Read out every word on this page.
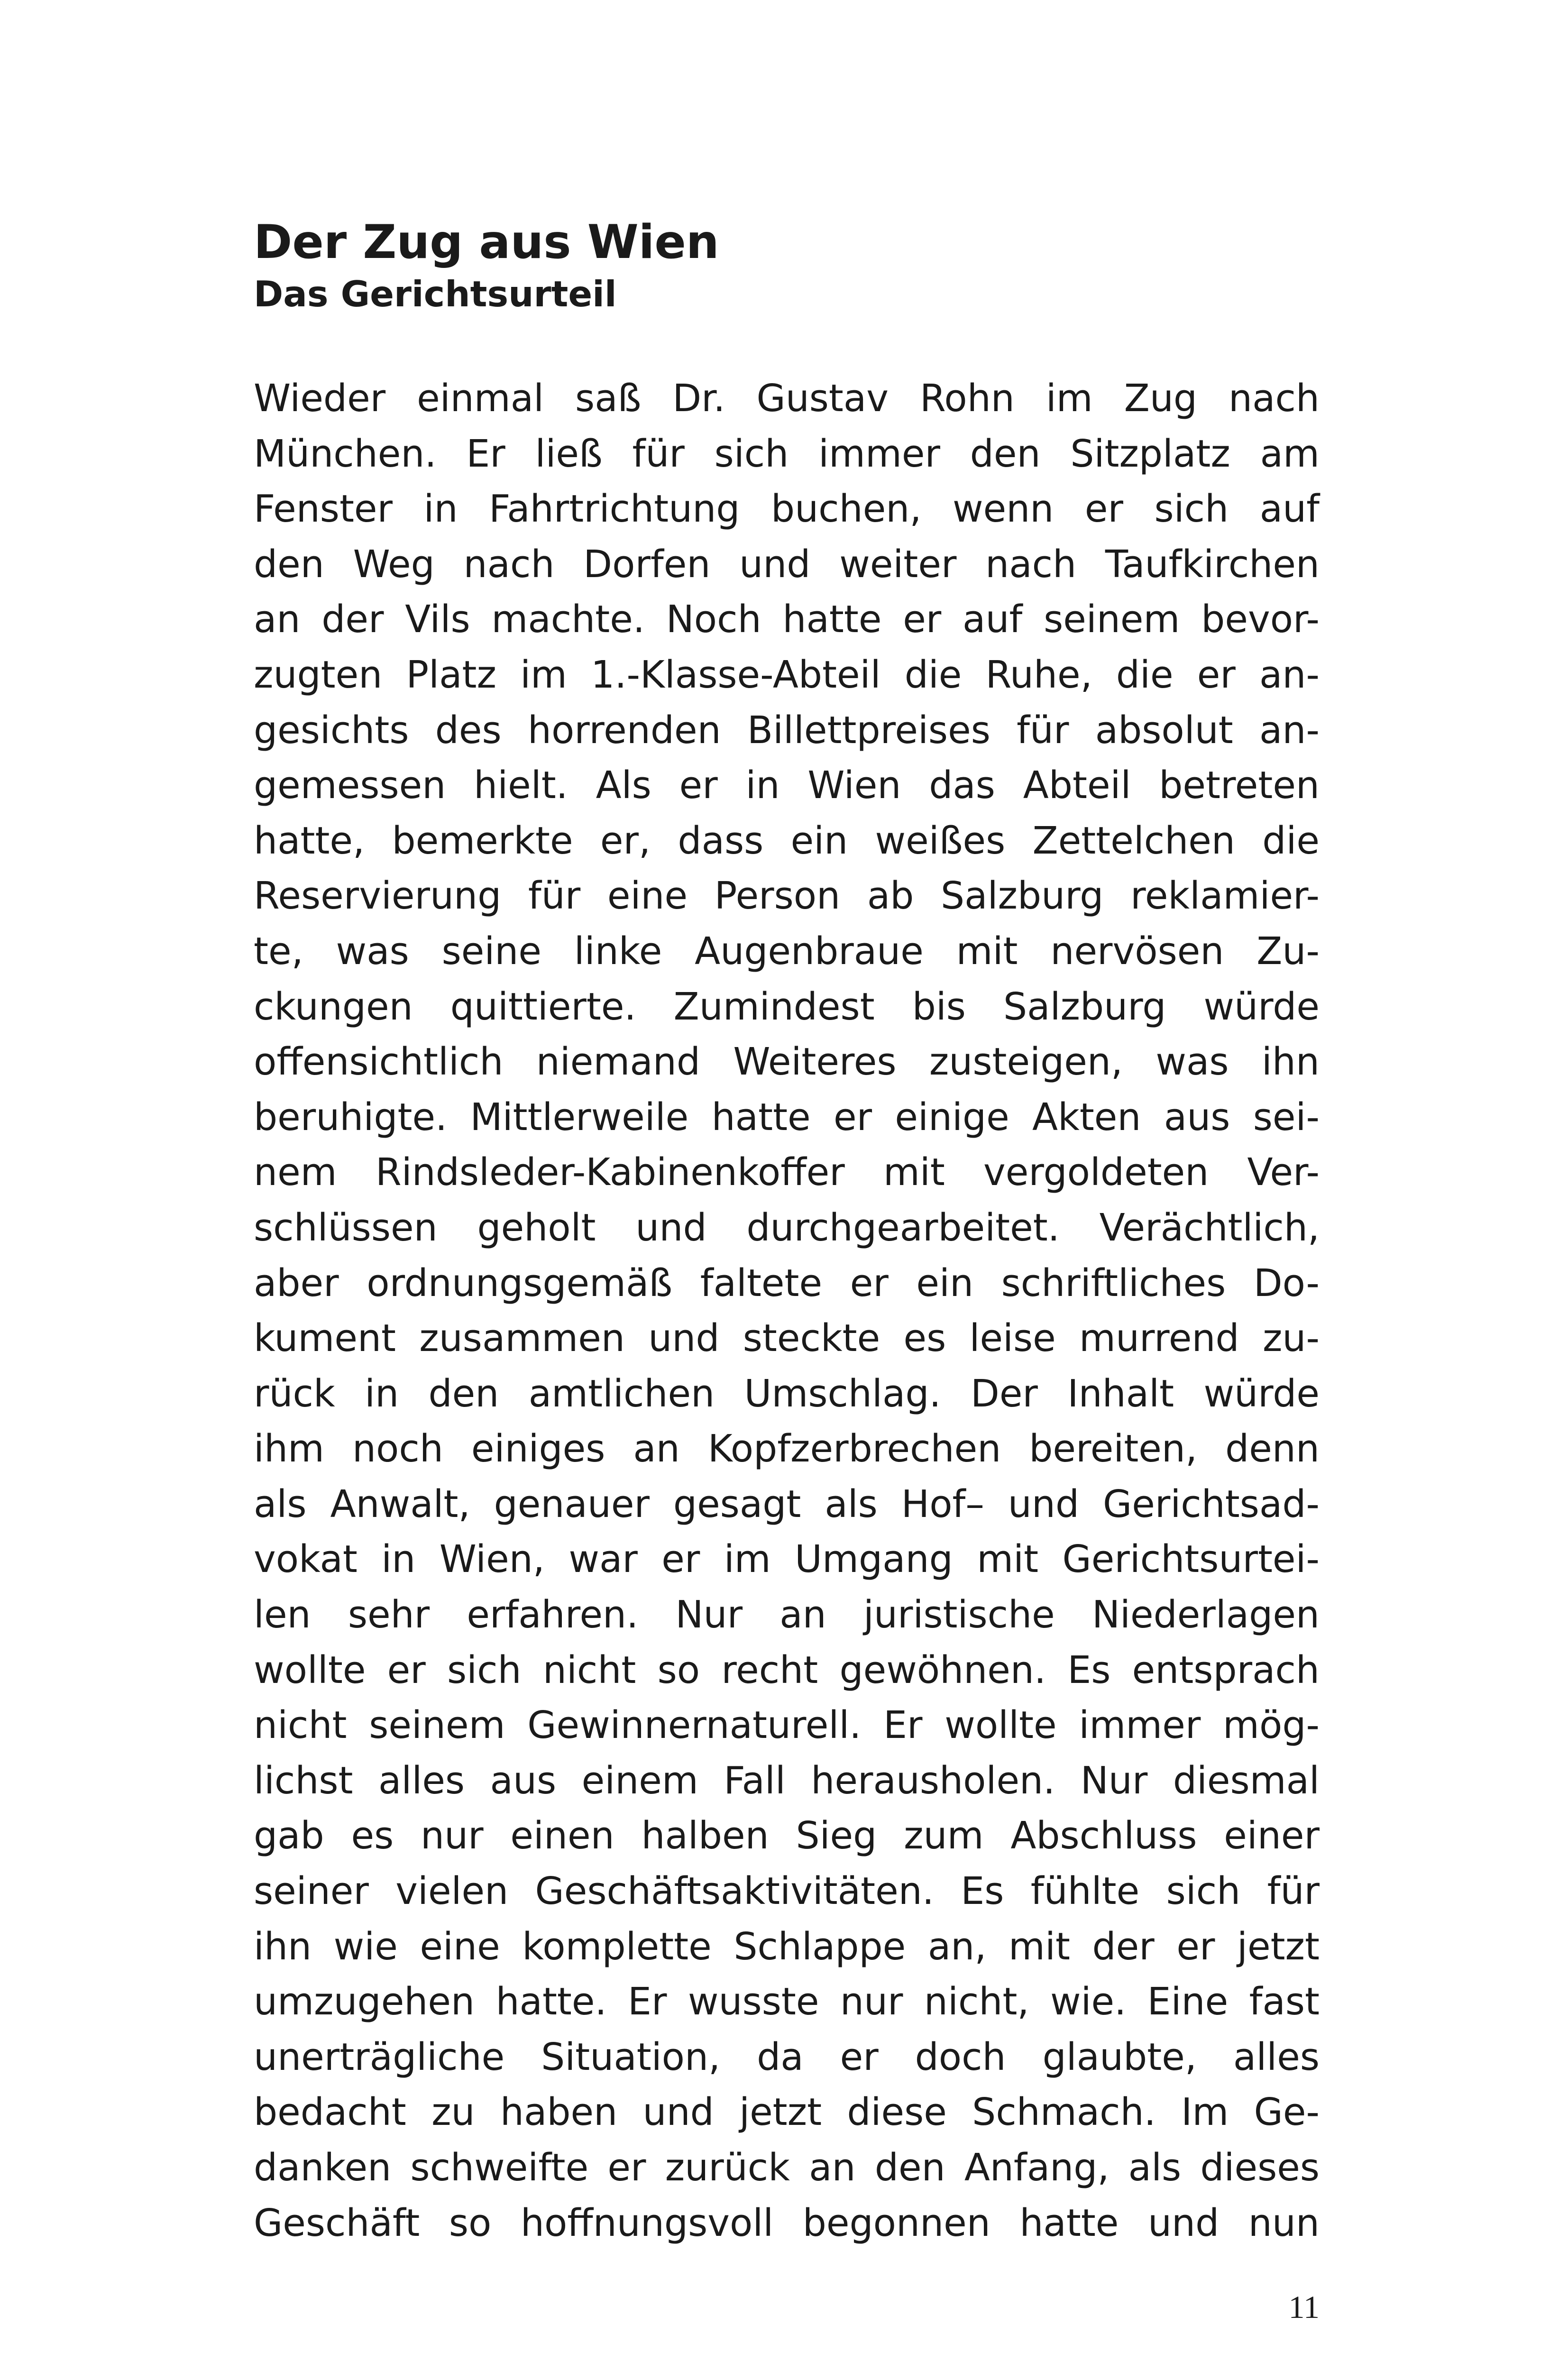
Der Zug aus Wien
Das Gerichtsurteil
Wieder einmal saß Dr. Gustav Rohn im Zug nach
München. Er ließ für sich immer den Sitzplatz am
Fenster in Fahrtrichtung buchen, wenn er sich auf
den Weg nach Dorfen und weiter nach Taufkirchen
an der Vils machte. Noch hatte er auf seinem bevor-
zugten Platz im 1.-Klasse-Abteil die Ruhe, die er an-
gesichts des horrenden Billettpreises für absolut an-
gemessen hielt. Als er in Wien das Abteil betreten
hatte, bemerkte er, dass ein weißes Zettelchen die
Reservierung für eine Person ab Salzburg reklamier-
te, was seine linke Augenbraue mit nervösen Zu-
ckungen quittierte. Zumindest bis Salzburg würde
offensichtlich niemand Weiteres zusteigen, was ihn
beruhigte. Mittlerweile hatte er einige Akten aus sei-
nem Rindsleder-Kabinenkoffer mit vergoldeten Ver-
schlüssen geholt und durchgearbeitet. Verächtlich,
aber ordnungsgemäß faltete er ein schriftliches Do-
kument zusammen und steckte es leise murrend zu-
rück in den amtlichen Umschlag. Der Inhalt würde
ihm noch einiges an Kopfzerbrechen bereiten, denn
als Anwalt, genauer gesagt als Hof– und Gerichtsad-
vokat in Wien, war er im Umgang mit Gerichtsurtei-
len sehr erfahren. Nur an juristische Niederlagen
wollte er sich nicht so recht gewöhnen. Es entsprach
nicht seinem Gewinnernaturell. Er wollte immer mög-
lichst alles aus einem Fall herausholen. Nur diesmal
gab es nur einen halben Sieg zum Abschluss einer
seiner vielen Geschäftsaktivitäten. Es fühlte sich für
ihn wie eine komplette Schlappe an, mit der er jetzt
umzugehen hatte. Er wusste nur nicht, wie. Eine fast
unerträgliche Situation, da er doch glaubte, alles
bedacht zu haben und jetzt diese Schmach. Im Ge-
danken schweifte er zurück an den Anfang, als dieses
Geschäft so hoffnungsvoll begonnen hatte und nun
11
